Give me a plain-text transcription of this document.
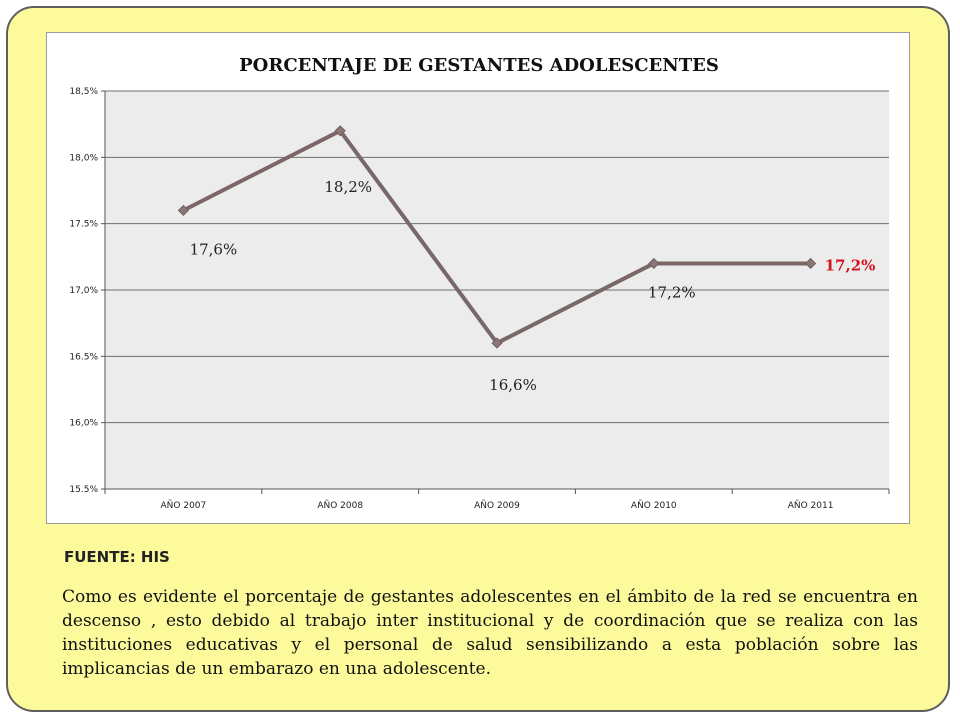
PORCENTAJE DE GESTANTES ADOLESCENTES
15.5%
16,0%
16.5%
17,0%
17.5%
18,0%
18,5%
AÑO 2007	AÑO 2008	AÑO 2009	AÑO 2010	AÑO 2011
17,6%
18,2%
16,6%
17,2%
17,2%
FUENTE: HIS
Como es evidente el porcentaje de gestantes adolescentes en el ámbito de la red se encuentra en descenso , esto debido al trabajo inter institucional y de coordinación que se realiza con las instituciones educativas y el personal de salud sensibilizando a esta población sobre las implicancias de un embarazo en una adolescente.
